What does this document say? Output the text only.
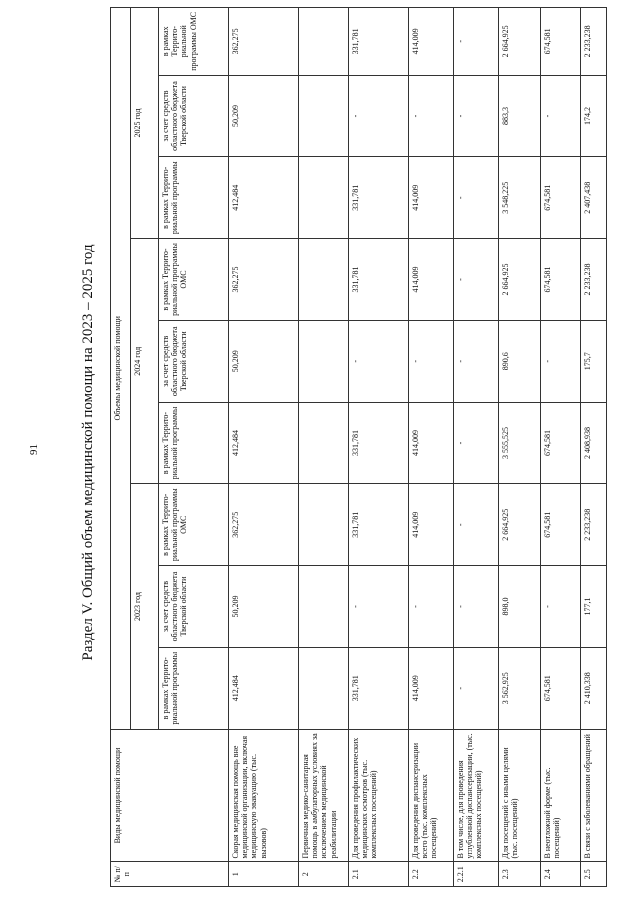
91	Раздел V. Общий объем медицинской помощи на 2023 – 2025 год
№ п/п	Виды медицинской помощи	Объемы медицинской помощи								
		2023 год			2024 год			2025 год		
		в рамках Террито-риальной программы	за счет средств областного бюджета Тверской области	в рамках Террито-риальной программы ОМС	в рамках Террито-риальной программы	за счет средств областного бюджета Тверской области	в рамках Террито-риальной программы ОМС	в рамках Террито-риальной программы	за счет средств областного бюджета Тверской области	в рамках Террито-риальной программы ОМС
1	Скорая медицинская помощь вне медицинской организации, включая медицинскую эвакуацию (тыс. вызовов)	412,484	50,209	362,275	412,484	50,209	362,275	412,484	50,209	362,275
2	Первичная медико-санитарная помощь в амбулаторных условиях за исключением медицинской реабилитации									
2.1	Для проведения профилактических медицинских осмотров (тыс. комплексных посещений)	331,781	-	331,781	331,781	-	331,781	331,781	-	331,781
2.2	Для проведения диспансеризации всего (тыс. комплексных посещений)	414,009	-	414,009	414,009	-	414,009	414,009	-	414,009
2.2.1	В том числе, для проведения углубленной диспансеризации, (тыс. комплексных посещений)	-	-	-	-	-	-	-	-	-
2.3	Для посещений с иными целями (тыс. посещений)	3 562,925	898,0	2 664,925	3 555,525	890,6	2 664,925	3 548,225	883,3	2 664,925
2.4	В неотложной форме (тыс. посещений)	674,581	-	674,581	674,581	-	674,581	674,581	-	674,581
2.5	В связи с заболеваниями обращений	2 410,338	177,1	2 233,238	2 408,938	175,7	2 233,238	2 407,438	174,2	2 233,238
